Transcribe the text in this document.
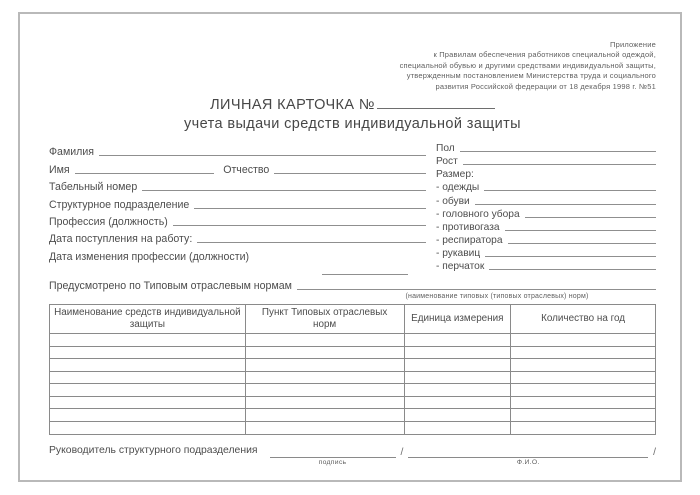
Приложение
к Правилам обеспечения работников специальной одеждой,
специальной обувью и другими средствами индивидуальной защиты,
утвержденным постановлением Министерства труда и социального
развития Российской федерации от 18 декабря 1998 г. №51
ЛИЧНАЯ КАРТОЧКА №
учета выдачи средств индивидуальной защиты
Фамилия
Имя	Отчество
Табельный номер
Структурное подразделение
Профессия (должность)
Дата поступления на работу:
Дата изменения профессии (должности)
Пол
Рост
Размер:
- одежды
- обуви
- головного убора
- противогаза
- респиратора
- рукавиц
- перчаток
Предусмотрено по Типовым отраслевым нормам
(наименование типовых (типовых отраслевых) норм)
Наименование средств индивидуальной защиты	Пункт Типовых отраслевых норм	Единица измерения	Количество на год

Руководитель структурного подразделения
подпись
/
Ф.И.О.
/
